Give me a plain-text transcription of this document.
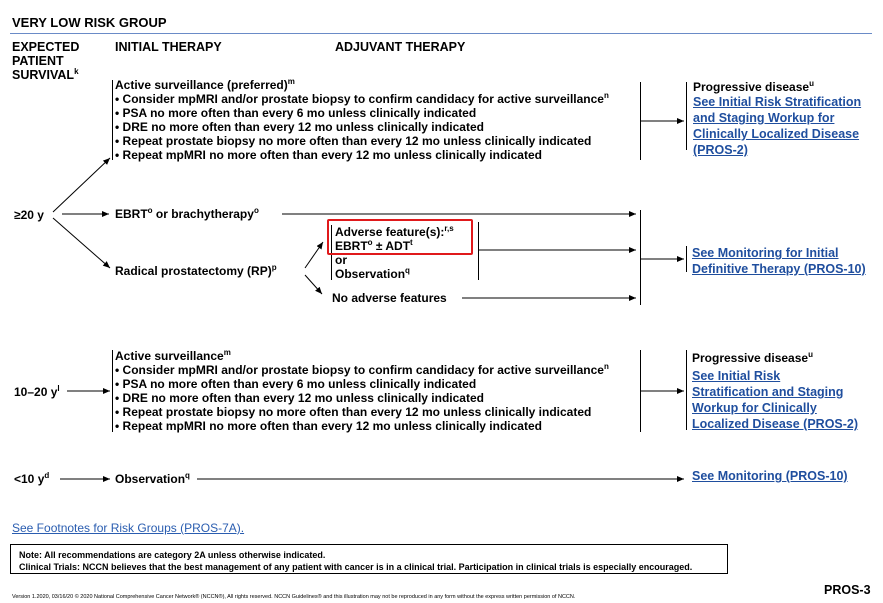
VERY LOW RISK GROUP
EXPECTED
PATIENT
SURVIVAL$^k$
INITIAL THERAPY	ADJUVANT THERAPY
≥20 y
Active surveillance (preferred)$^m$
• Consider mpMRI and/or prostate biopsy to confirm candidacy for active surveillance$^n$
• PSA no more often than every 6 mo unless clinically indicated
• DRE no more often than every 12 mo unless clinically indicated
• Repeat prostate biopsy no more often than every 12 mo unless clinically indicated
• Repeat mpMRI no more often than every 12 mo unless clinically indicated
Progressive disease$^u$
See Initial Risk Stratification
and Staging Workup for
Clinically Localized Disease
(PROS-2)
EBRT$^o$ or brachytherapy$^o$
Radical prostatectomy (RP)$^p$
Adverse feature(s):$^{r,s}$
$EBRT^o \pm ADT^t$
or
Observation$^q$
No adverse features
See Monitoring for Initial
Definitive Therapy (PROS-10)
10–20 $y^l$
Active surveillance$^m$
• Consider mpMRI and/or prostate biopsy to confirm candidacy for active surveillance$^n$
• PSA no more often than every 6 mo unless clinically indicated
• DRE no more often than every 12 mo unless clinically indicated
• Repeat prostate biopsy no more often than every 12 mo unless clinically indicated
• Repeat mpMRI no more often than every 12 mo unless clinically indicated
Progressive disease$^u$
See Initial Risk
Stratification and Staging
Workup for Clinically
Localized Disease (PROS-2)
<10 $y^d$	Observation$^q$	See Monitoring (PROS-10)
See Footnotes for Risk Groups (PROS-7A).
Note: All recommendations are category 2A unless otherwise indicated.
Clinical Trials: NCCN believes that the best management of any patient with cancer is in a clinical trial. Participation in clinical trials is especially encouraged.
PROS-3
Version 1.2020, 03/16/20 © 2020 National Comprehensive Cancer Network® (NCCN®), All rights reserved. NCCN Guidelines® and this illustration may not be reproduced in any form without the express written permission of NCCN.
